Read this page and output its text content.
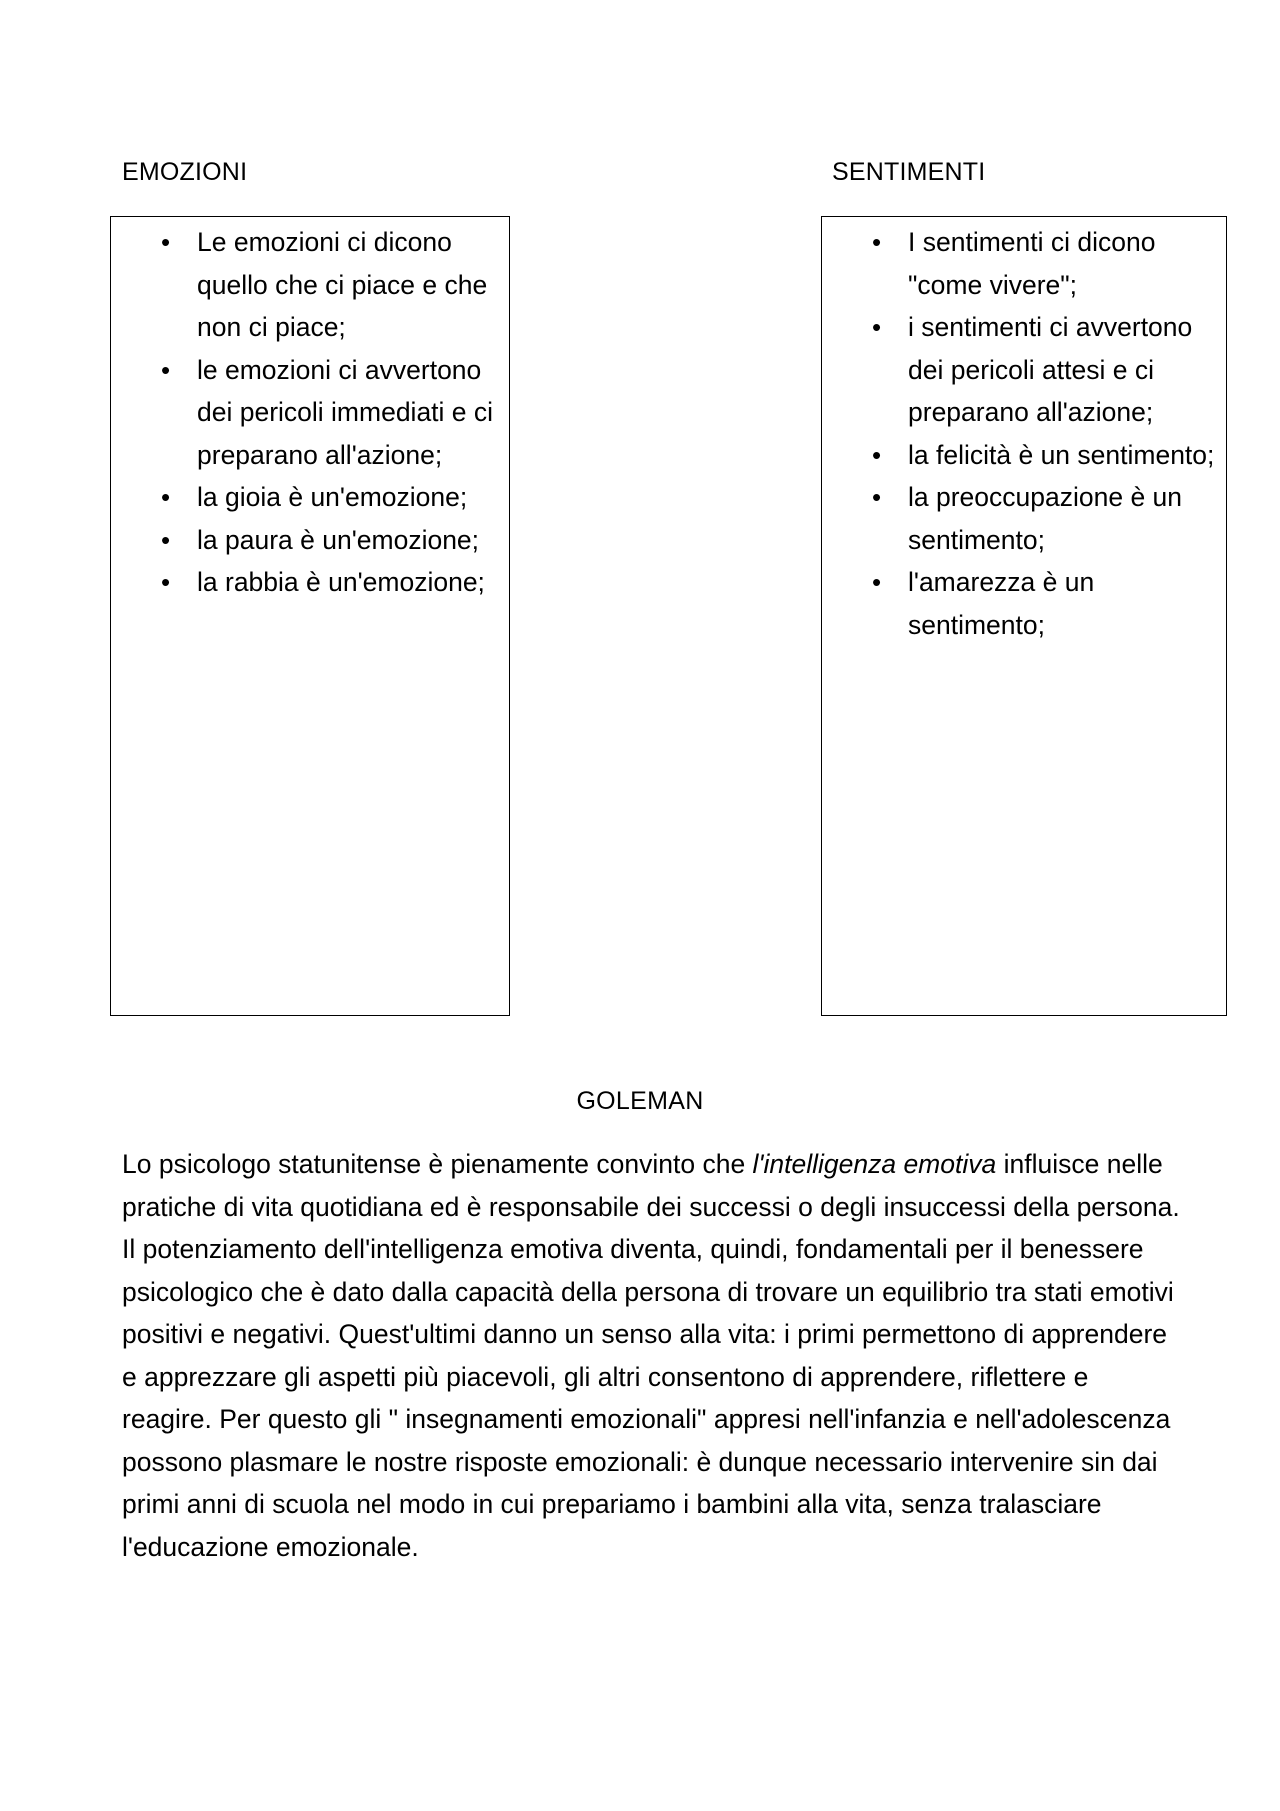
EMOZIONI	SENTIMENTI
• Le emozioni ci dicono quello che ci piace e che non ci piace;
• le emozioni ci avvertono dei pericoli immediati e ci preparano all'azione;
• la gioia è un'emozione;
• la paura è un'emozione;
• la rabbia è un'emozione;
• I sentimenti ci dicono "come vivere";
• i sentimenti ci avvertono dei pericoli attesi e ci preparano all'azione;
• la felicità è un sentimento;
• la preoccupazione è un sentimento;
• l'amarezza è un sentimento;
GOLEMAN

Lo psicologo statunitense è pienamente convinto che l'intelligenza emotiva influisce nelle pratiche di vita quotidiana ed è responsabile dei successi o degli insuccessi della persona. Il potenziamento dell'intelligenza emotiva diventa, quindi, fondamentali per il benessere psicologico che è dato dalla capacità della persona di trovare un equilibrio tra stati emotivi positivi e negativi. Quest'ultimi danno un senso alla vita: i primi permettono di apprendere e apprezzare gli aspetti più piacevoli, gli altri consentono di apprendere, riflettere e reagire. Per questo gli " insegnamenti emozionali" appresi nell'infanzia e nell'adolescenza possono plasmare le nostre risposte emozionali: è dunque necessario intervenire sin dai primi anni di scuola nel modo in cui prepariamo i bambini alla vita, senza tralasciare l'educazione emozionale.
